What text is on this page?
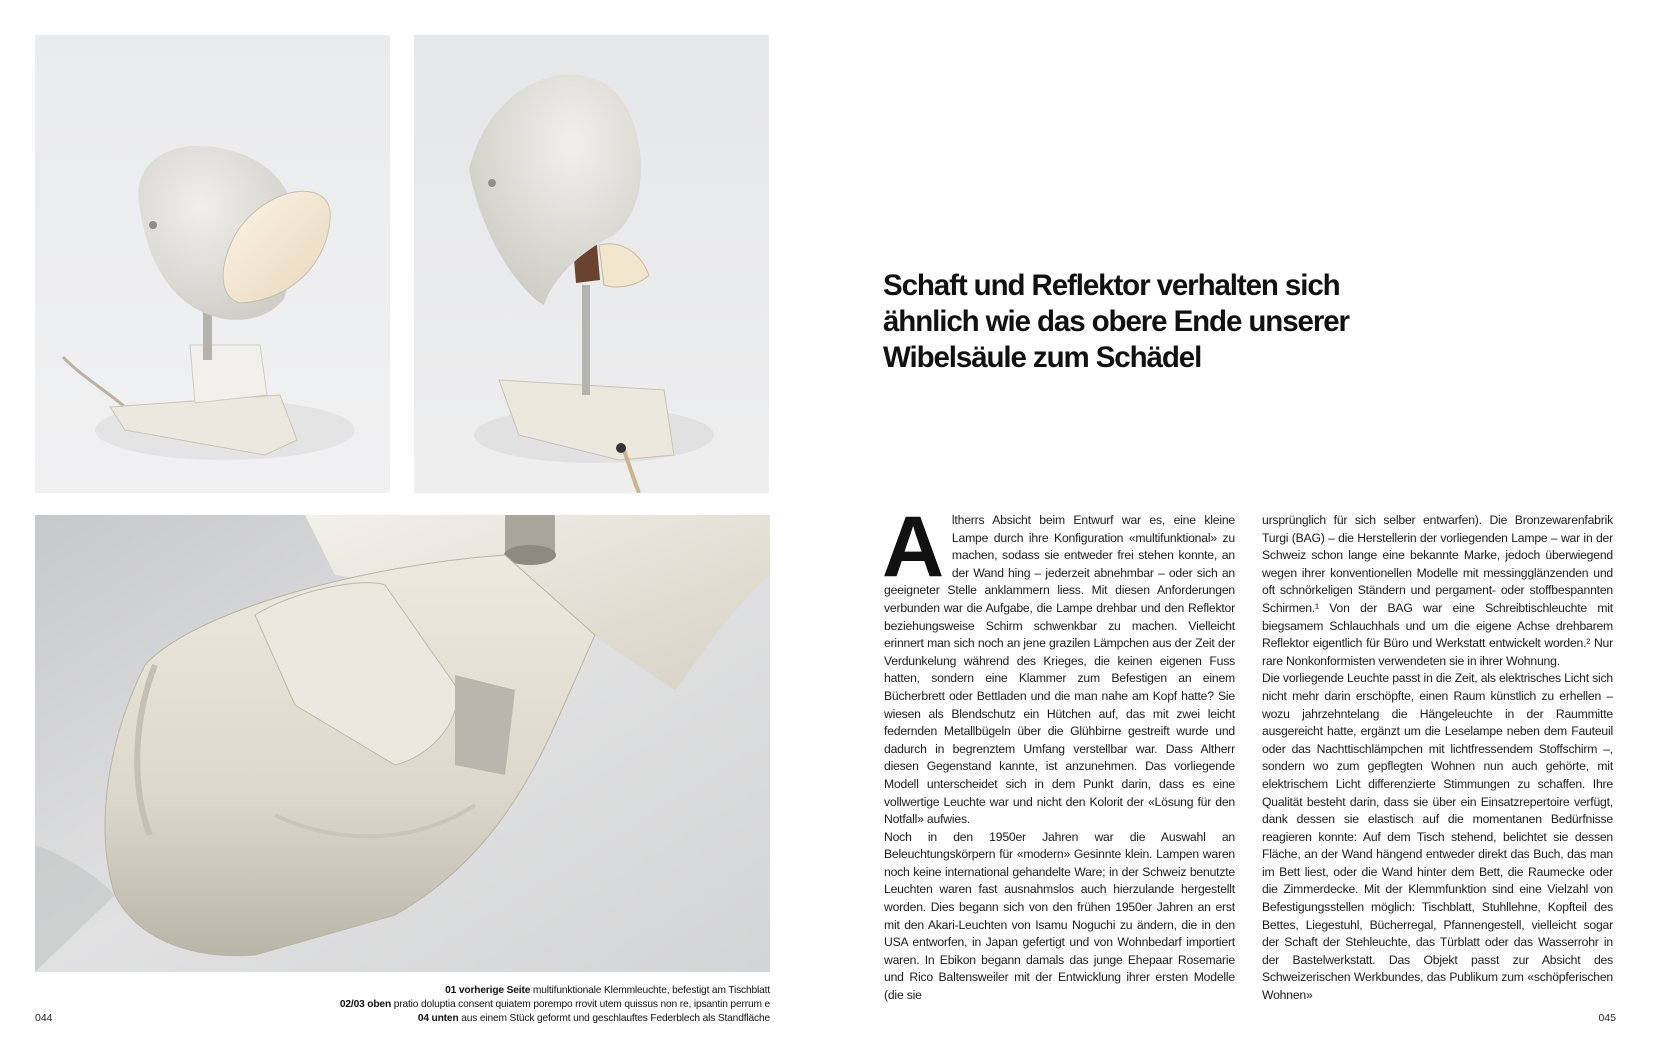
01 vorherige Seite multifunktionale Klemmleuchte, befestigt am Tischblatt
02/03 oben pratio doluptia consent quiatem porempo rrovit utem quissus non re, ipsantin perrum e
04 unten aus einem Stück geformt und geschlauftes Federblech als Standfläche
044	045
Schaft und Reflektor verhalten sich
ähnlich wie das obere Ende unserer
Wibelsäule zum Schädel

Altherrs Absicht beim Entwurf war es, eine kleine Lampe durch ihre Konfiguration «multifunktional» zu machen, sodass sie entweder frei stehen konnte, an der Wand hing – jederzeit abnehmbar – oder sich an geeigneter Stelle anklammern liess. Mit diesen Anforderungen verbunden war die Aufgabe, die Lampe drehbar und den Reflektor beziehungsweise Schirm schwenkbar zu machen. Vielleicht erinnert man sich noch an jene grazilen Lämpchen aus der Zeit der Verdunkelung während des Krieges, die keinen eigenen Fuss hatten, sondern eine Klammer zum Befestigen an einem Bücherbrett oder Bettladen und die man nahe am Kopf hatte? Sie wiesen als Blendschutz ein Hütchen auf, das mit zwei leicht federnden Metallbügeln über die Glühbirne gestreift wurde und dadurch in begrenztem Umfang verstellbar war. Dass Altherr diesen Gegenstand kannte, ist anzunehmen. Das vorliegende Modell unterscheidet sich in dem Punkt darin, dass es eine vollwertige Leuchte war und nicht den Kolorit der «Lösung für den Notfall» aufwies.

Noch in den 1950er Jahren war die Auswahl an Beleuchtungskörpern für «modern» Gesinnte klein. Lampen waren noch keine international gehandelte Ware; in der Schweiz benutzte Leuchten waren fast ausnahmslos auch hierzulande hergestellt worden. Dies begann sich von den frühen 1950er Jahren an erst mit den Akari-Leuchten von Isamu Noguchi zu ändern, die in den USA entworfen, in Japan gefertigt und von Wohnbedarf importiert waren. In Ebikon begann damals das junge Ehepaar Rosemarie und Rico Baltensweiler mit der Entwicklung ihrer ersten Modelle (die sie

ursprünglich für sich selber entwarfen). Die Bronzewarenfabrik Turgi (BAG) – die Herstellerin der vorliegenden Lampe – war in der Schweiz schon lange eine bekannte Marke, jedoch überwiegend wegen ihrer konventionellen Modelle mit messingglänzenden und oft schnörkeligen Ständern und pergament- oder stoffbespannten Schirmen.¹ Von der BAG war eine Schreibtischleuchte mit biegsamem Schlauchhals und um die eigene Achse drehbarem Reflektor eigentlich für Büro und Werkstatt entwickelt worden.² Nur rare Nonkonformisten verwendeten sie in ihrer Wohnung.

Die vorliegende Leuchte passt in die Zeit, als elektrisches Licht sich nicht mehr darin erschöpfte, einen Raum künstlich zu erhellen – wozu jahrzehntelang die Hängeleuchte in der Raummitte ausgereicht hatte, ergänzt um die Leselampe neben dem Fauteuil oder das Nachttischlämpchen mit lichtfressendem Stoffschirm –, sondern wo zum gepflegten Wohnen nun auch gehörte, mit elektrischem Licht differenzierte Stimmungen zu schaffen. Ihre Qualität besteht darin, dass sie über ein Einsatzrepertoire verfügt, dank dessen sie elastisch auf die momentanen Bedürfnisse reagieren konnte: Auf dem Tisch stehend, belichtet sie dessen Fläche, an der Wand hängend entweder direkt das Buch, das man im Bett liest, oder die Wand hinter dem Bett, die Raumecke oder die Zimmerdecke. Mit der Klemmfunktion sind eine Vielzahl von Befestigungsstellen möglich: Tischblatt, Stuhllehne, Kopfteil des Bettes, Liegestuhl, Bücherregal, Pfannengestell, vielleicht sogar der Schaft der Stehleuchte, das Türblatt oder das Wasserrohr in der Bastelwerkstatt. Das Objekt passt zur Absicht des Schweizerischen Werkbundes, das Publikum zum «schöpferischen Wohnen»
